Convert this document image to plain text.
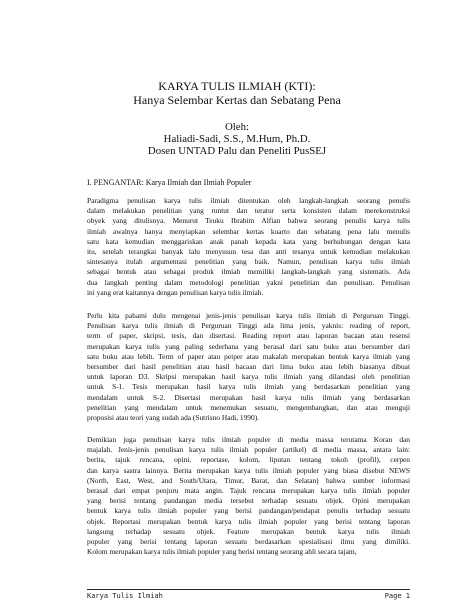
KARYA TULIS ILMIAH (KTI):
Hanya Selembar Kertas dan Sebatang Pena
Oleh:
Haliadi-Sadi, S.S., M.Hum, Ph.D.
Dosen UNTAD Palu dan Peneliti PusSEJ
I. PENGANTAR: Karya Ilmiah dan Ilmiah Populer
Paradigma penulisan karya tulis ilmiah ditentukan oleh langkah-langkah seorang penulis
dalam melakukan penelitian yang runtut dan teratur serta konsisten dalam merekonstruksi
obyek yang ditulisnya. Menurut Teuku Ibrahim Alfian bahwa seorang penulis karya tulis
ilmiah awalnya hanya menyiapkan selembar kertas kuarto dan sebatang pena lalu menulis
satu kata kemudian menggariskan anak panah kepada kata yang berhubungan dengan kata
itu, setelah terangkai banyak lalu menyusun tesa dan anti tesanya untuk kemudian melakukan
sintesanya itulah argumentasi penelitian yang baik. Namun, penulisan karya tulis ilmiah
sebagai bentuk atau sebagai produk ilmiah memiliki langkah-langkah yang sistematis. Ada
dua langkah penting dalam metodologi penelitian yakni penelitian dan penulisan. Penulisan
ini yang erat kaitannya dengan penulisan karya tulis ilmiah.
Perlu kita pahami dulu mengenai jenis-jenis penulisan karya tulis ilmiah di Perguruan Tinggi.
Penulisan karya tulis ilmiah di Perguruan Tinggi ada lima jenis, yaknis: reading of report,
term of paper, skripsi, tesis, dan disertasi. Reading report atau laporan bacaan atau resensi
merupakan karya tulis yang paling sederhana yang berasal dari satu buku atau bersumber dari
satu buku atau lebih. Term of paper atau peiper atau makalah merupakan bentuk karya ilmiah yang
bersumber dari hasil penelitian atau hasil bacaan dari lima buku atau lebih biasanya dibuat
untuk laporan D3. Skripsi merupakan hasil karya tulis ilmiah yang dilandasi oleh penelitian
untuk S-1. Tesis merupakan hasil karya tulis ilmiah yang berdasarkan penelitian yang
mendalam untuk S-2. Disertasi merupakan hasil karya tulis ilmiah yang berdasarkan
penelitian yang mendalam untuk menemukan sesuatu, mengembangkan, dan atau menguji
proposisi atau teori yang sudah ada (Sutrisno Hadi, 1990).
Demikian juga penulisan karya tulis ilmiah populer di media massa terutama Koran dan
majalah. Jenis-jenis penulisan karya tulis ilmiah populer (artikel) di media massa, antara lain:
berita, tajuk rencana, opini, reportase, kolom, liputan tentang tokoh (profil), cerpen
dan karya sastra lainnya. Berita merupakan karya tulis ilmiah populer yang biasa disebut NEWS
(North, East, West, and South/Utara, Timur, Barat, dan Selatan) bahwa sumber informasi
berasal dari empat penjuru mata angin. Tajuk rencana merupakan karya tulis ilmiah populer
yang berisi tentang pandangan media tersebut terhadap sesuatu objek. Opini merupakan
bentuk karya tulis ilmiah populer yang berisi pandangan/pendapat penulis terhadap sesuatu
objek. Reportasi merupakan bentuk karya tulis ilmiah populer yang berisi tentang laporan
langsung terhadap sesuatu objek. Feature merupakan bentuk karya tulis ilmiah
populer yang berisi tentang laporan sesuatu berdasarkan spesialisasi ilmu yang dimiliki.
Kolom merupakan karya tulis ilmiah populer yang berisi tentang seorang ahli secara tajam,
Karya Tulis Ilmiah	Page 1
